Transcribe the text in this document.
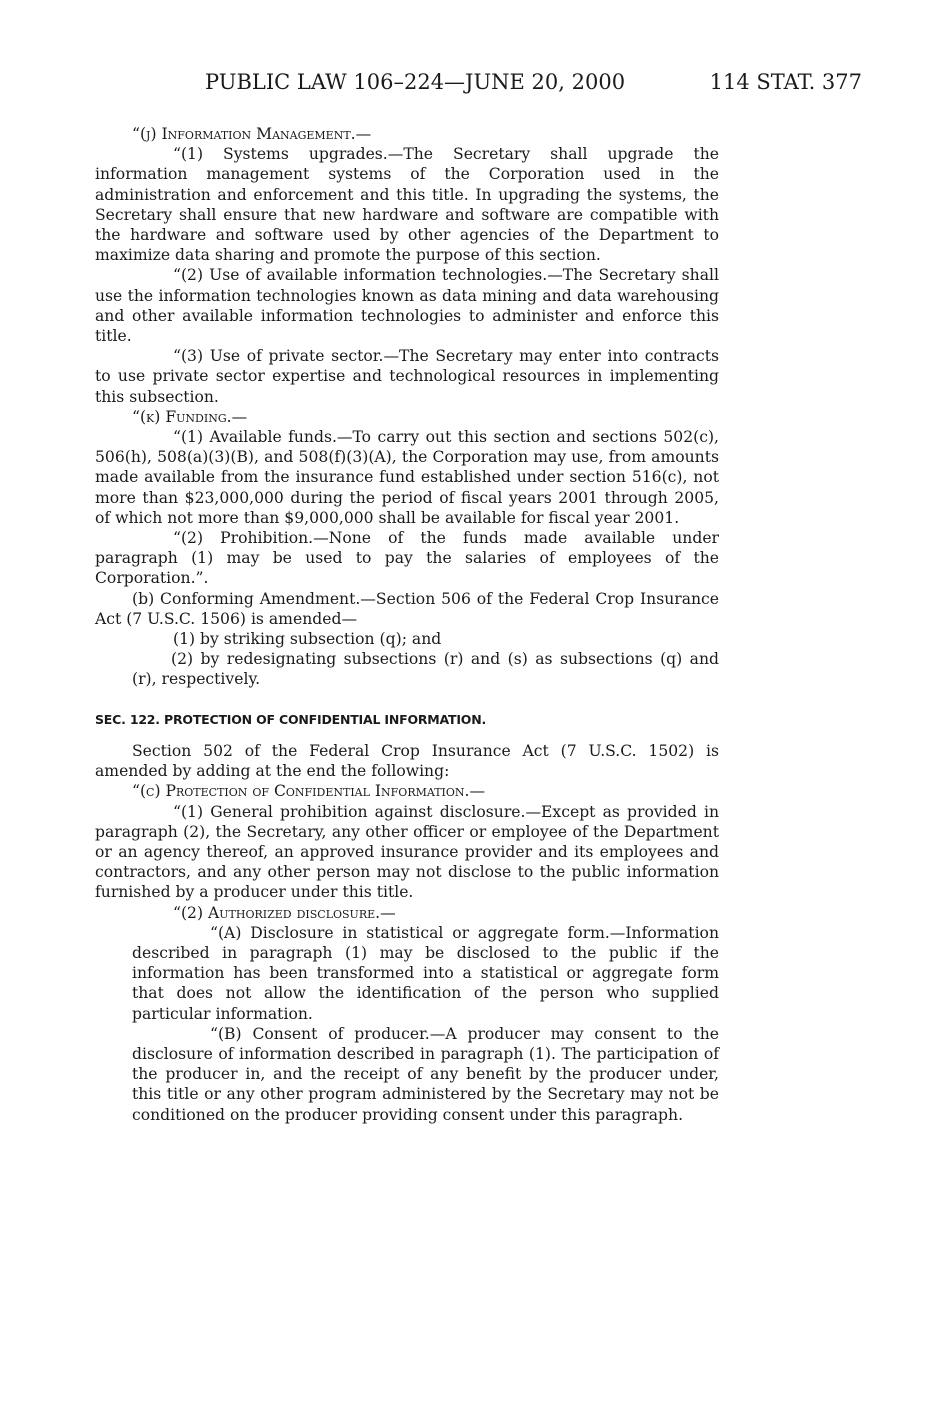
PUBLIC LAW 106–224—JUNE 20, 2000	114 STAT. 377

“(j) Information Management.—

“(1) Systems upgrades.—The Secretary shall upgrade the information management systems of the Corporation used in the administration and enforcement and this title. In upgrading the systems, the Secretary shall ensure that new hardware and software are compatible with the hardware and software used by other agencies of the Department to maximize data sharing and promote the purpose of this section.

“(2) Use of available information technologies.—The Secretary shall use the information technologies known as data mining and data warehousing and other available information technologies to administer and enforce this title.

“(3) Use of private sector.—The Secretary may enter into contracts to use private sector expertise and technological resources in implementing this subsection.

“(k) Funding.—

“(1) Available funds.—To carry out this section and sections 502(c), 506(h), 508(a)(3)(B), and 508(f)(3)(A), the Corporation may use, from amounts made available from the insurance fund established under section 516(c), not more than $23,000,000 during the period of fiscal years 2001 through 2005, of which not more than $9,000,000 shall be available for fiscal year 2001.

“(2) Prohibition.—None of the funds made available under paragraph (1) may be used to pay the salaries of employees of the Corporation.”.

(b) Conforming Amendment.—Section 506 of the Federal Crop Insurance Act (7 U.S.C. 1506) is amended—

(1) by striking subsection (q); and

(2) by redesignating subsections (r) and (s) as subsections (q) and (r), respectively.

SEC. 122. PROTECTION OF CONFIDENTIAL INFORMATION.

Section 502 of the Federal Crop Insurance Act (7 U.S.C. 1502) is amended by adding at the end the following:

“(c) Protection of Confidential Information.—

“(1) General prohibition against disclosure.—Except as provided in paragraph (2), the Secretary, any other officer or employee of the Department or an agency thereof, an approved insurance provider and its employees and contractors, and any other person may not disclose to the public information furnished by a producer under this title.

“(2) Authorized disclosure.—

“(A) Disclosure in statistical or aggregate form.—Information described in paragraph (1) may be disclosed to the public if the information has been transformed into a statistical or aggregate form that does not allow the identification of the person who supplied particular information.

“(B) Consent of producer.—A producer may consent to the disclosure of information described in paragraph (1). The participation of the producer in, and the receipt of any benefit by the producer under, this title or any other program administered by the Secretary may not be conditioned on the producer providing consent under this paragraph.
